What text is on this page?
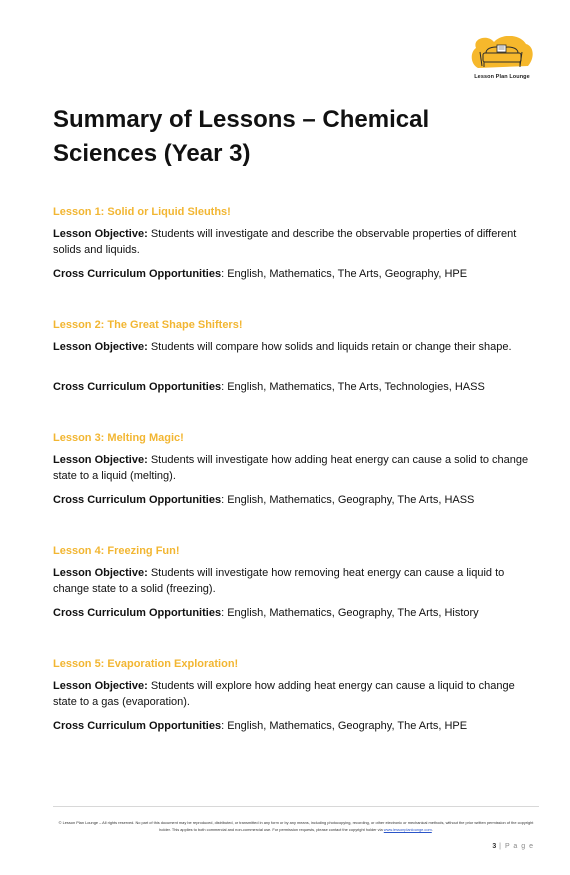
Lesson Plan Lounge
Summary of Lessons – Chemical Sciences (Year 3)
Lesson 1: Solid or Liquid Sleuths!

Lesson Objective: Students will investigate and describe the observable properties of different solids and liquids.

Cross Curriculum Opportunities: English, Mathematics, The Arts, Geography, HPE

Lesson 2: The Great Shape Shifters!

Lesson Objective: Students will compare how solids and liquids retain or change their shape.

Cross Curriculum Opportunities: English, Mathematics, The Arts, Technologies, HASS

Lesson 3: Melting Magic!

Lesson Objective: Students will investigate how adding heat energy can cause a solid to change state to a liquid (melting).

Cross Curriculum Opportunities: English, Mathematics, Geography, The Arts, HASS

Lesson 4: Freezing Fun!

Lesson Objective: Students will investigate how removing heat energy can cause a liquid to change state to a solid (freezing).

Cross Curriculum Opportunities: English, Mathematics, Geography, The Arts, History

Lesson 5: Evaporation Exploration!

Lesson Objective: Students will explore how adding heat energy can cause a liquid to change state to a gas (evaporation).

Cross Curriculum Opportunities: English, Mathematics, Geography, The Arts, HPE

© Lesson Plan Lounge – All rights reserved. No part of this document may be reproduced, distributed, or transmitted in any form or by any means, including photocopying, recording, or other electronic or mechanical methods, without the prior written permission of the copyright holder. This applies to both commercial and non-commercial use. For permission requests, please contact the copyright holder via www.lessonplanlounge.com.
3 | P a g e
